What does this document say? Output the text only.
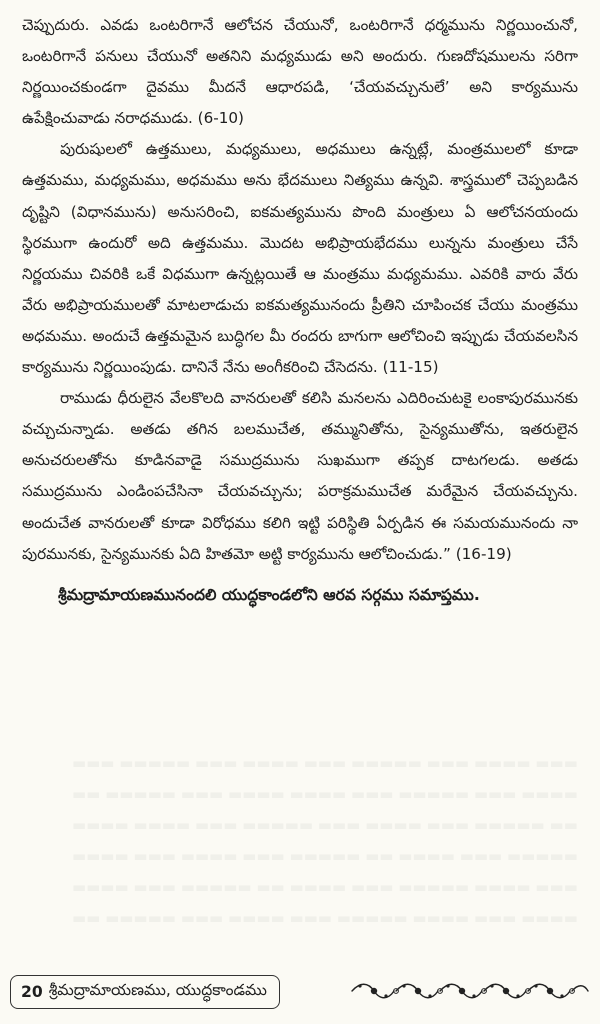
చెప్పుదురు. ఎవడు ఒంటరిగానే ఆలోచన చేయునో, ఒంటరిగానే ధర్మమును నిర్ణయించునో, ఒంటరిగానే పనులు చేయునో అతనిని మధ్యముడు అని అందురు. గుణదోషములను సరిగా నిర్ణయించకుండగా దైవము మీదనే ఆధారపడి, ‘చేయవచ్చునులే’ అని కార్యమును ఉపేక్షించువాడు నరాధముడు. (6-10)

పురుషులలో ఉత్తములు, మధ్యములు, అధములు ఉన్నట్లే, మంత్రములలో కూడా ఉత్తమము, మధ్యమము, అధమము అను భేదములు నిత్యము ఉన్నవి. శాస్త్రములో చెప్పబడిన దృష్టిని (విధానమును) అనుసరించి, ఐకమత్యమును పొంది మంత్రులు ఏ ఆలోచనయందు స్థిరముగా ఉందురో అది ఉత్తమము. మొదట అభిప్రాయభేదము లున్నను మంత్రులు చేసే నిర్ణయము చివరికి ఒకే విధముగా ఉన్నట్లయితే ఆ మంత్రము మధ్యమము. ఎవరికి వారు వేరు వేరు అభిప్రాయములతో మాటలాడుచు ఐకమత్యమునందు ప్రీతిని చూపించక చేయు మంత్రము అధమము. అందుచే ఉత్తమమైన బుద్ధిగల మీ రందరు బాగుగా ఆలోచించి ఇప్పుడు చేయవలసిన కార్యమును నిర్ణయింపుడు. దానినే నేను అంగీకరించి చేసెదను. (11-15)

రాముడు ధీరులైన వేలకొలది వానరులతో కలిసి మనలను ఎదిరించుటకై లంకాపురమునకు వచ్చుచున్నాడు. అతడు తగిన బలముచేత, తమ్మునితోను, సైన్యముతోను, ఇతరులైన అనుచరులతోను కూడినవాడై సముద్రమును సుఖముగా తప్పక దాటగలడు. అతడు సముద్రమును ఎండింపచేసినా చేయవచ్చును; పరాక్రమముచేత మరేమైన చేయవచ్చును. అందుచేత వానరులతో కూడా విరోధము కలిగి ఇట్టి పరిస్థితి ఏర్పడిన ఈ సమయమునందు నా పురమునకు, సైన్యమునకు ఏది హితమో అట్టి కార్యమును ఆలోచించుడు.” (16-19)

శ్రీమద్రామాయణమునందలి యుద్ధకాండలోని ఆరవ సర్గము సమాప్తము.

▬▬▬ ▬▬▬▬ ▬▬▬ ▬▬▬▬▬ ▬▬▬ ▬▬▬▬ ▬▬▬ ▬▬▬▬▬ ▬▬▬
▬▬▬▬ ▬▬▬ ▬▬▬▬▬ ▬▬▬ ▬▬▬▬ ▬▬▬▬ ▬▬▬ ▬▬▬▬▬ ▬▬
▬▬ ▬▬▬▬▬ ▬▬▬ ▬▬▬▬ ▬▬▬ ▬▬▬▬▬ ▬▬▬ ▬▬▬▬ ▬▬▬▬
▬▬▬▬▬ ▬▬▬ ▬▬▬▬ ▬▬ ▬▬▬▬▬ ▬▬▬ ▬▬▬▬ ▬▬▬ ▬▬▬▬
▬▬▬ ▬▬▬▬ ▬▬▬▬▬ ▬▬▬ ▬▬▬▬ ▬▬ ▬▬▬▬▬ ▬▬▬ ▬▬▬▬
▬▬▬▬ ▬▬▬ ▬▬▬▬ ▬▬▬▬▬ ▬▬▬ ▬▬▬▬ ▬▬▬ ▬▬▬▬▬ ▬▬
20 శ్రీమద్రామాయణము, యుద్ధకాండము
